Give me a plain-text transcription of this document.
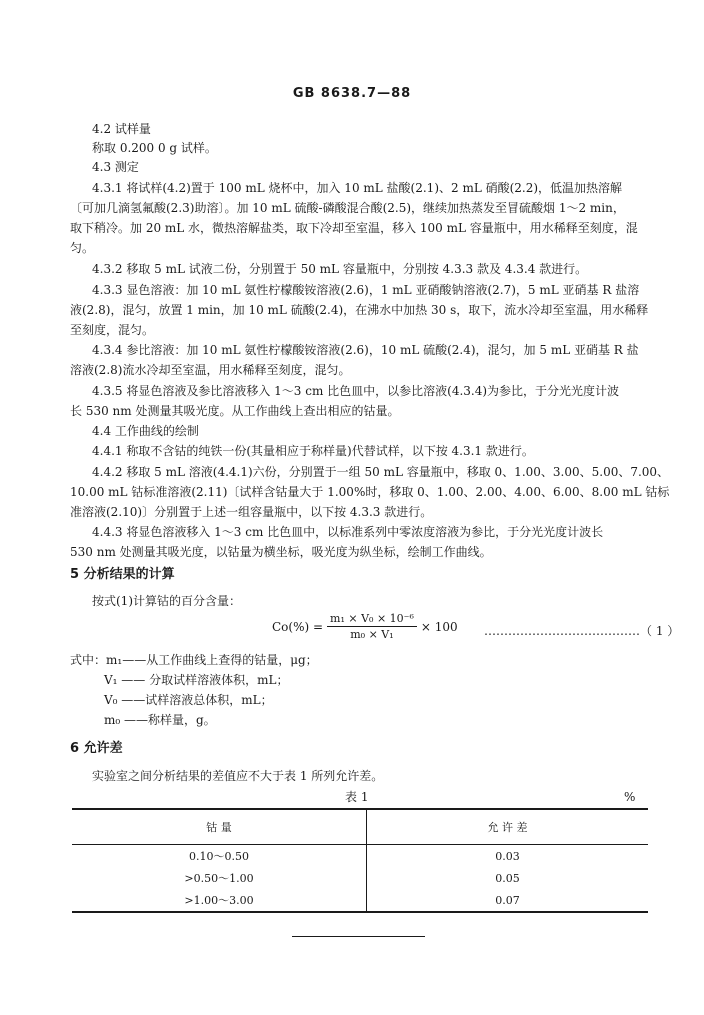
GB 8638.7—88
4.2 试样量
称取 0.200 0 g 试样。
4.3 测定
4.3.1 将试样(4.2)置于 100 mL 烧杯中，加入 10 mL 盐酸(2.1)、2 mL 硝酸(2.2)，低温加热溶解
〔可加几滴氢氟酸(2.3)助溶〕。加 10 mL 硫酸-磷酸混合酸(2.5)，继续加热蒸发至冒硫酸烟 1～2 min，
取下稍冷。加 20 mL 水，微热溶解盐类，取下冷却至室温，移入 100 mL 容量瓶中，用水稀释至刻度，混
匀。
4.3.2 移取 5 mL 试液二份，分别置于 50 mL 容量瓶中，分别按 4.3.3 款及 4.3.4 款进行。
4.3.3 显色溶液：加 10 mL 氨性柠檬酸铵溶液(2.6)，1 mL 亚硝酸钠溶液(2.7)，5 mL 亚硝基 R 盐溶
液(2.8)，混匀，放置 1 min，加 10 mL 硫酸(2.4)，在沸水中加热 30 s，取下，流水冷却至室温，用水稀释
至刻度，混匀。
4.3.4 参比溶液：加 10 mL 氨性柠檬酸铵溶液(2.6)，10 mL 硫酸(2.4)，混匀，加 5 mL 亚硝基 R 盐
溶液(2.8)流水冷却至室温，用水稀释至刻度，混匀。
4.3.5 将显色溶液及参比溶液移入 1～3 cm 比色皿中，以参比溶液(4.3.4)为参比，于分光光度计波
长 530 nm 处测量其吸光度。从工作曲线上查出相应的钴量。
4.4 工作曲线的绘制
4.4.1 称取不含钴的纯铁一份(其量相应于称样量)代替试样，以下按 4.3.1 款进行。
4.4.2 移取 5 mL 溶液(4.4.1)六份，分别置于一组 50 mL 容量瓶中，移取 0、1.00、3.00、5.00、7.00、
10.00 mL 钴标准溶液(2.11)〔试样含钴量大于 1.00%时，移取 0、1.00、2.00、4.00、6.00、8.00 mL 钴标
准溶液(2.10)〕分别置于上述一组容量瓶中，以下按 4.3.3 款进行。
4.4.3 将显色溶液移入 1～3 cm 比色皿中，以标准系列中零浓度溶液为参比，于分光光度计波长
530 nm 处测量其吸光度，以钴量为横坐标，吸光度为纵坐标，绘制工作曲线。
5 分析结果的计算
按式(1)计算钴的百分含量：
$Co(\%) = \frac{\text{m₁ × V₀ × 10⁻⁶}}{\text{m₀ × V₁}} \times 100$ …………………………………（ 1 ）
式中：m₁——从工作曲线上查得的钴量，μg；
V₁ —— 分取试样溶液体积，mL；
V₀ ——试样溶液总体积，mL；
m₀ ——称样量，g。
6 允许差
实验室之间分析结果的差值应不大于表 1 所列允许差。
表 1	%
钴 量	允 许 差
0.10～0.50	0.03
>0.50～1.00	0.05
>1.00～3.00	0.07
